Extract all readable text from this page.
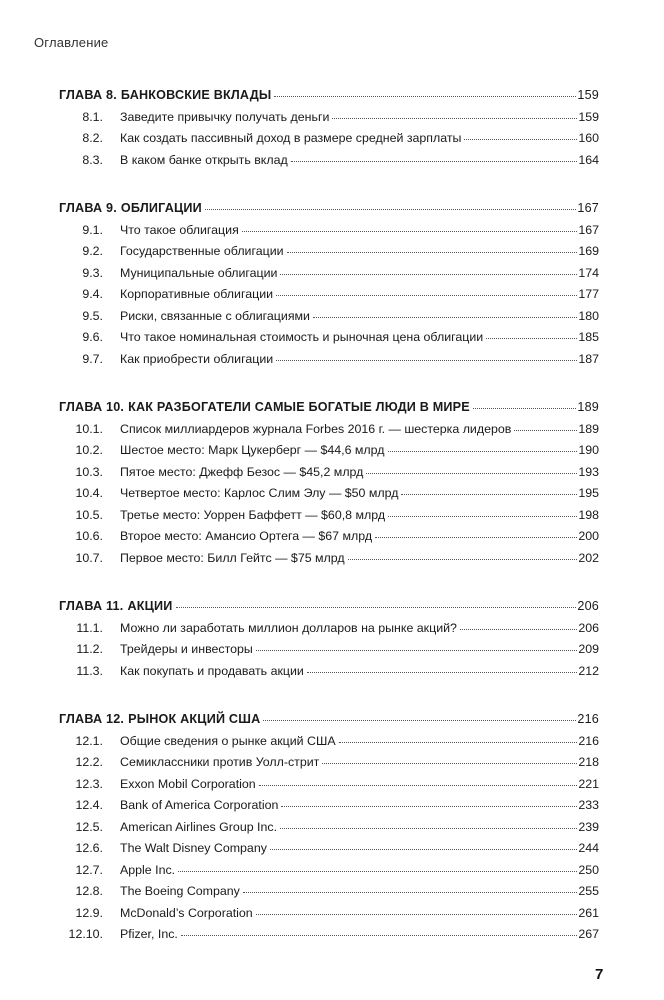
Оглавление
ГЛАВА 8. БАНКОВСКИЕ ВКЛАДЫ	159
8.1. Заведите привычку получать деньги	159
8.2. Как создать пассивный доход в размере средней зарплаты	160
8.3. В каком банке открыть вклад	164
ГЛАВА 9. ОБЛИГАЦИИ	167
9.1. Что такое облигация	167
9.2. Государственные облигации	169
9.3. Муниципальные облигации	174
9.4. Корпоративные облигации	177
9.5. Риски, связанные с облигациями	180
9.6. Что такое номинальная стоимость и рыночная цена облигации	185
9.7. Как приобрести облигации	187
ГЛАВА 10. КАК РАЗБОГАТЕЛИ САМЫЕ БОГАТЫЕ ЛЮДИ В МИРЕ	189
10.1. Список миллиардеров журнала Forbes 2016 г. — шестерка лидеров	189
10.2. Шестое место: Марк Цукерберг — $44,6 млрд	190
10.3. Пятое место: Джефф Безос — $45,2 млрд	193
10.4. Четвертое место: Карлос Слим Элу — $50 млрд	195
10.5. Третье место: Уоррен Баффетт — $60,8 млрд	198
10.6. Второе место: Амансио Ортега — $67 млрд	200
10.7. Первое место: Билл Гейтс — $75 млрд	202
ГЛАВА 11. АКЦИИ	206
11.1. Можно ли заработать миллион долларов на рынке акций?	206
11.2. Трейдеры и инвесторы	209
11.3. Как покупать и продавать акции	212
ГЛАВА 12. РЫНОК АКЦИЙ США	216
12.1. Общие сведения о рынке акций США	216
12.2. Семиклассники против Уолл-стрит	218
12.3. Exxon Mobil Corporation	221
12.4. Bank of America Corporation	233
12.5. American Airlines Group Inc.	239
12.6. The Walt Disney Company	244
12.7. Apple Inc.	250
12.8. The Boeing Company	255
12.9. McDonald’s Corporation	261
12.10. Pfizer, Inc.	267
7
